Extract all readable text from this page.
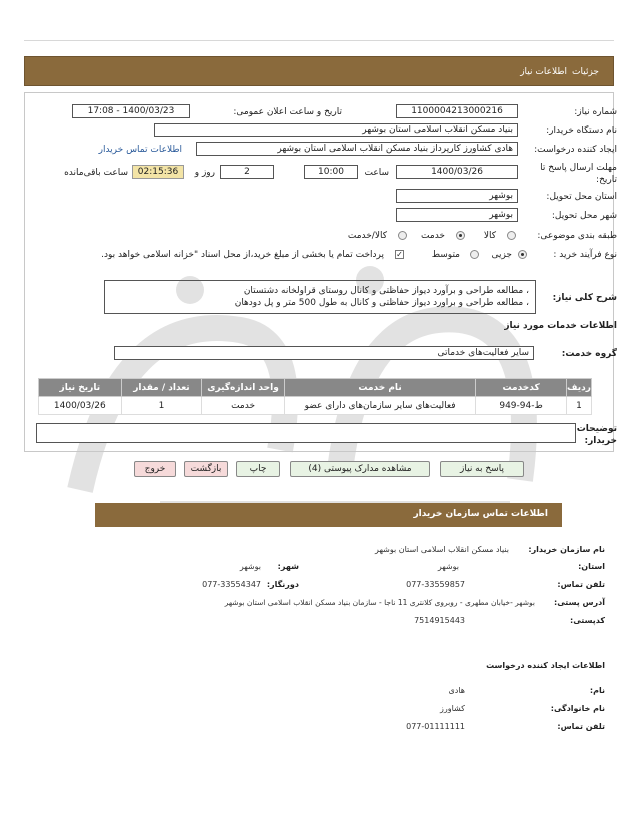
جزئیات
اطلاعات نیاز
شماره نیاز:
1100004213000216
تاریخ و ساعت اعلان عمومی:
1400/03/23 - 17:08
نام دستگاه خریدار:
بنیاد مسکن انقلاب اسلامی استان بوشهر
ایجاد کننده درخواست:
هادی کشاورز کارپرداز بنیاد مسکن انقلاب اسلامی استان بوشهر
اطلاعات تماس خریدار
مهلت ارسال پاسخ تا
تاریخ:
1400/03/26
ساعت
10:00
2
روز و
02:15:36
ساعت باقی‌مانده
استان محل تحویل:
بوشهر
شهر محل تحویل:
بوشهر
طبقه بندی موضوعی:
کالا
خدمت
کالا/خدمت
نوع فرآیند خرید :
جزیی
متوسط
✓
پرداخت تمام یا بخشی از مبلغ خرید،از محل اسناد "خزانه اسلامی خواهد بود.
شرح کلی نیاز:
، مطالعه طراحی و برآورد دیواز حفاظتی و کانال روستای قراولخانه دشتستان
، مطالعه طراحی و براورد دیواز حفاظتی و کانال به طول 500 متر و پل دودهان
اطلاعات خدمات مورد نیاز
گروه خدمت:
سایر فعالیت‌های خدماتی
ردیف	کدخدمت	نام خدمت	واحد اندازه‌گیری	تعداد / مقدار	تاریخ نیاز
1	ط-94-949	فعالیت‌های سایر سازمان‌های دارای عضو	خدمت	1	1400/03/26
توضیحات
خریدار:
پاسخ به نیاز
مشاهده مدارک پیوستی (4)
چاپ
بازگشت
خروج
اطلاعات تماس سازمان خریدار
نام سازمان خریدار:
بنیاد مسکن انقلاب اسلامی استان بوشهر
استان:
بوشهر
شهر:
بوشهر
تلفن تماس:
077-33559857
دورنگار:
077-33554347
آدرس پستی:
بوشهر -خیابان مطهری - روبروی کلانتری 11 ناجا - سازمان بنیاد مسکن انقلاب اسلامی استان بوشهر
کدپستی:
7514915443
اطلاعات ایجاد کننده درخواست
نام:
هادی
نام خانوادگی:
کشاورز
تلفن تماس:
077-01111111
